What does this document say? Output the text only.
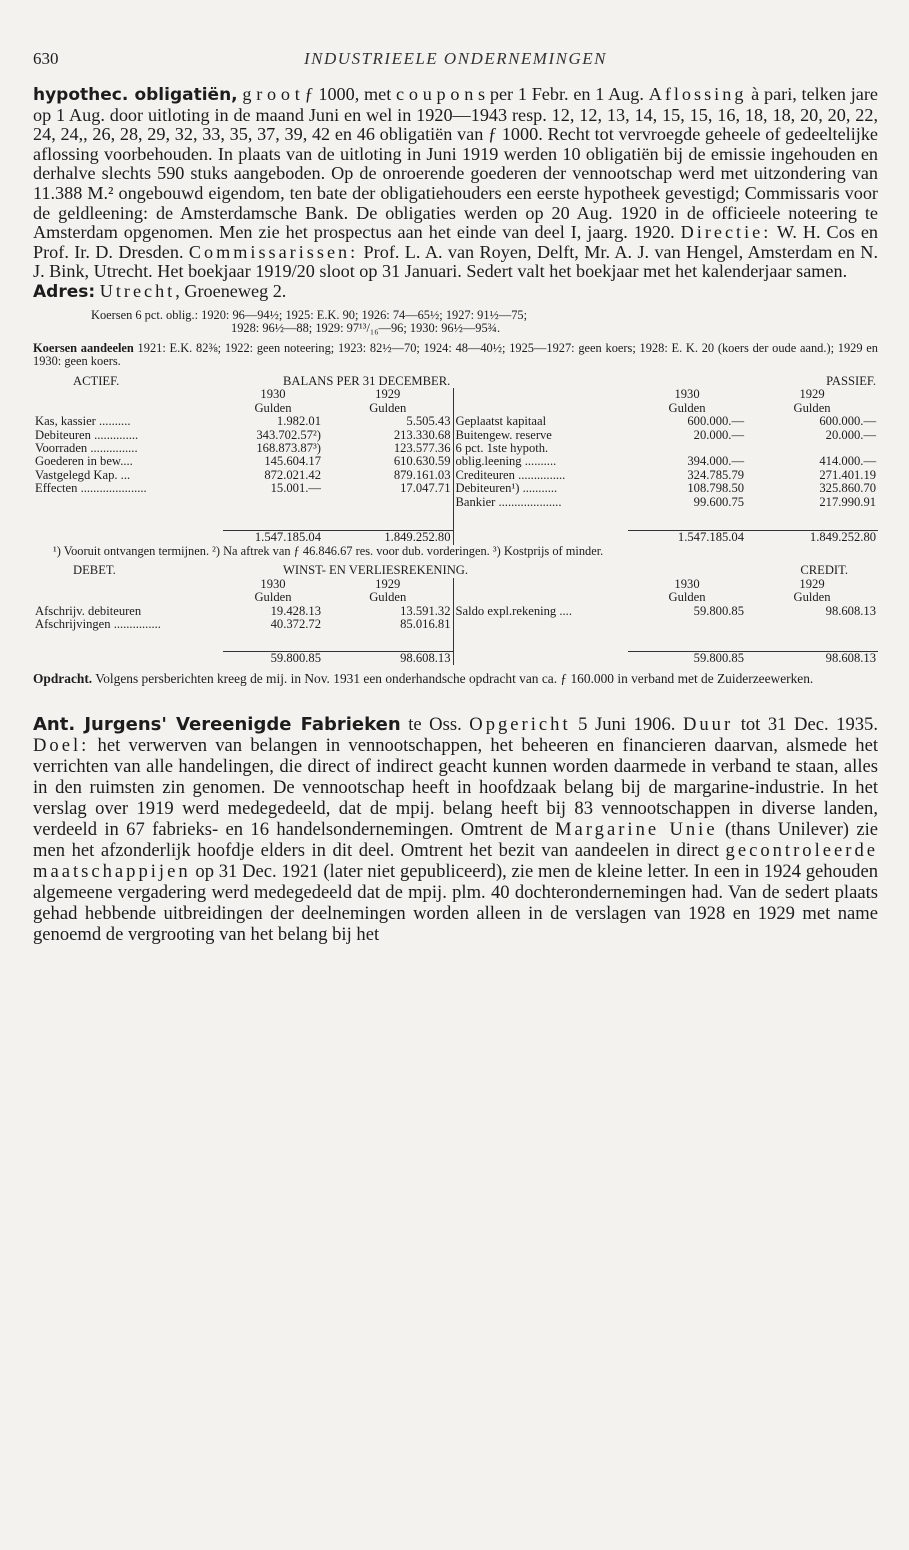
630	INDUSTRIEELE ONDERNEMINGEN

hypothec. obligatiën, g r o o t ƒ 1000, met c o u p o n s per 1 Febr. en 1 Aug. Aflossing à pari, telken jare op 1 Aug. door uitloting in de maand Juni en wel in 1920—1943 resp. 12, 12, 13, 14, 15, 15, 16, 18, 18, 20, 20, 22, 24, 24,, 26, 28, 29, 32, 33, 35, 37, 39, 42 en 46 obligatiën van ƒ 1000. Recht tot vervroegde geheele of gedeeltelijke aflossing voorbehouden. In plaats van de uitloting in Juni 1919 werden 10 obligatiën bij de emissie ingehouden en derhalve slechts 590 stuks aangeboden. Op de onroerende goederen der vennootschap werd met uitzondering van 11.388 M.² ongebouwd eigendom, ten bate der obligatiehouders een eerste hypotheek gevestigd; Commissaris voor de geldleening: de Amsterdamsche Bank. De obligaties werden op 20 Aug. 1920 in de officieele noteering te Amsterdam opgenomen. Men zie het prospectus aan het einde van deel I, jaarg. 1920. Directie: W. H. Cos en Prof. Ir. D. Dresden. Commissarissen: Prof. L. A. van Royen, Delft, Mr. A. J. van Hengel, Amsterdam en N. J. Bink, Utrecht. Het boekjaar 1919/20 sloot op 31 Januari. Sedert valt het boekjaar met het kalenderjaar samen.

Adres: Utrecht, Groeneweg 2.

Koersen 6 pct. oblig.: 1920: 96—94½; 1925: E.K. 90; 1926: 74—65½; 1927: 91½—75;
1928: 96½—88; 1929: 97¹³/₁₆—96; 1930: 96½—95¾.

Koersen aandeelen 1921: E.K. 82⅜; 1922: geen noteering; 1923: 82½—70; 1924: 48—40½; 1925—1927: geen koers; 1928: E. K. 20 (koers der oude aand.); 1929 en 1930: geen koers.

ACTIEF.	BALANS PER 31 DECEMBER.			PASSIEF.	
	1930	1929		1930	1929
	Gulden	Gulden		Gulden	Gulden
Kas, kassier ..........	1.982.01	5.505.43	Geplaatst kapitaal	600.000.—	600.000.—
Debiteuren ..............	343.702.57²)	213.330.68	Buitengew. reserve	20.000.—	20.000.—
Voorraden ...............	168.873.87³)	123.577.36	6 pct. 1ste hypoth.		
Goederen in bew....	145.604.17	610.630.59	oblig.leening ..........	394.000.—	414.000.—
Vastgelegd Kap. ...	872.021.42	879.161.03	Crediteuren ...............	324.785.79	271.401.19
Effecten .....................	15.001.—	17.047.71	Debiteuren¹) ...........	108.798.50	325.860.70
			Bankier ....................	99.600.75	217.990.91

	1.547.185.04	1.849.252.80		1.547.185.04	1.849.252.80

¹) Vooruit ontvangen termijnen. ²) Na aftrek van ƒ 46.846.67 res. voor dub. vorderingen. ³) Kostprijs of minder.

DEBET.	WINST- EN VERLIESREKENING.			CREDIT.	
	1930	1929		1930	1929
	Gulden	Gulden		Gulden	Gulden
Afschrijv. debiteuren	19.428.13	13.591.32	Saldo expl.rekening ....	59.800.85	98.608.13
Afschrijvingen ...............	40.372.72	85.016.81			

	59.800.85	98.608.13		59.800.85	98.608.13

Opdracht. Volgens persberichten kreeg de mij. in Nov. 1931 een onderhandsche opdracht van ca. ƒ 160.000 in verband met de Zuiderzeewerken.

Ant. Jurgens' Vereenigde Fabrieken te Oss. Opgericht 5 Juni 1906. Duur tot 31 Dec. 1935. Doel: het verwerven van belangen in vennootschappen, het beheeren en financieren daarvan, alsmede het verrichten van alle handelingen, die direct of indirect geacht kunnen worden daarmede in verband te staan, alles in den ruimsten zin genomen. De vennootschap heeft in hoofdzaak belang bij de margarine-industrie. In het verslag over 1919 werd medegedeeld, dat de mpij. belang heeft bij 83 vennootschappen in diverse landen, verdeeld in 67 fabrieks- en 16 handelsondernemingen. Omtrent de Margarine Unie (thans Unilever) zie men het afzonderlijk hoofdje elders in dit deel. Omtrent het bezit van aandeelen in direct gecontroleerde maatschappijen op 31 Dec. 1921 (later niet gepubliceerd), zie men de kleine letter. In een in 1924 gehouden algemeene vergadering werd medegedeeld dat de mpij. plm. 40 dochterondernemingen had. Van de sedert plaats gehad hebbende uitbreidingen der deelnemingen worden alleen in de verslagen van 1928 en 1929 met name genoemd de vergrooting van het belang bij het
